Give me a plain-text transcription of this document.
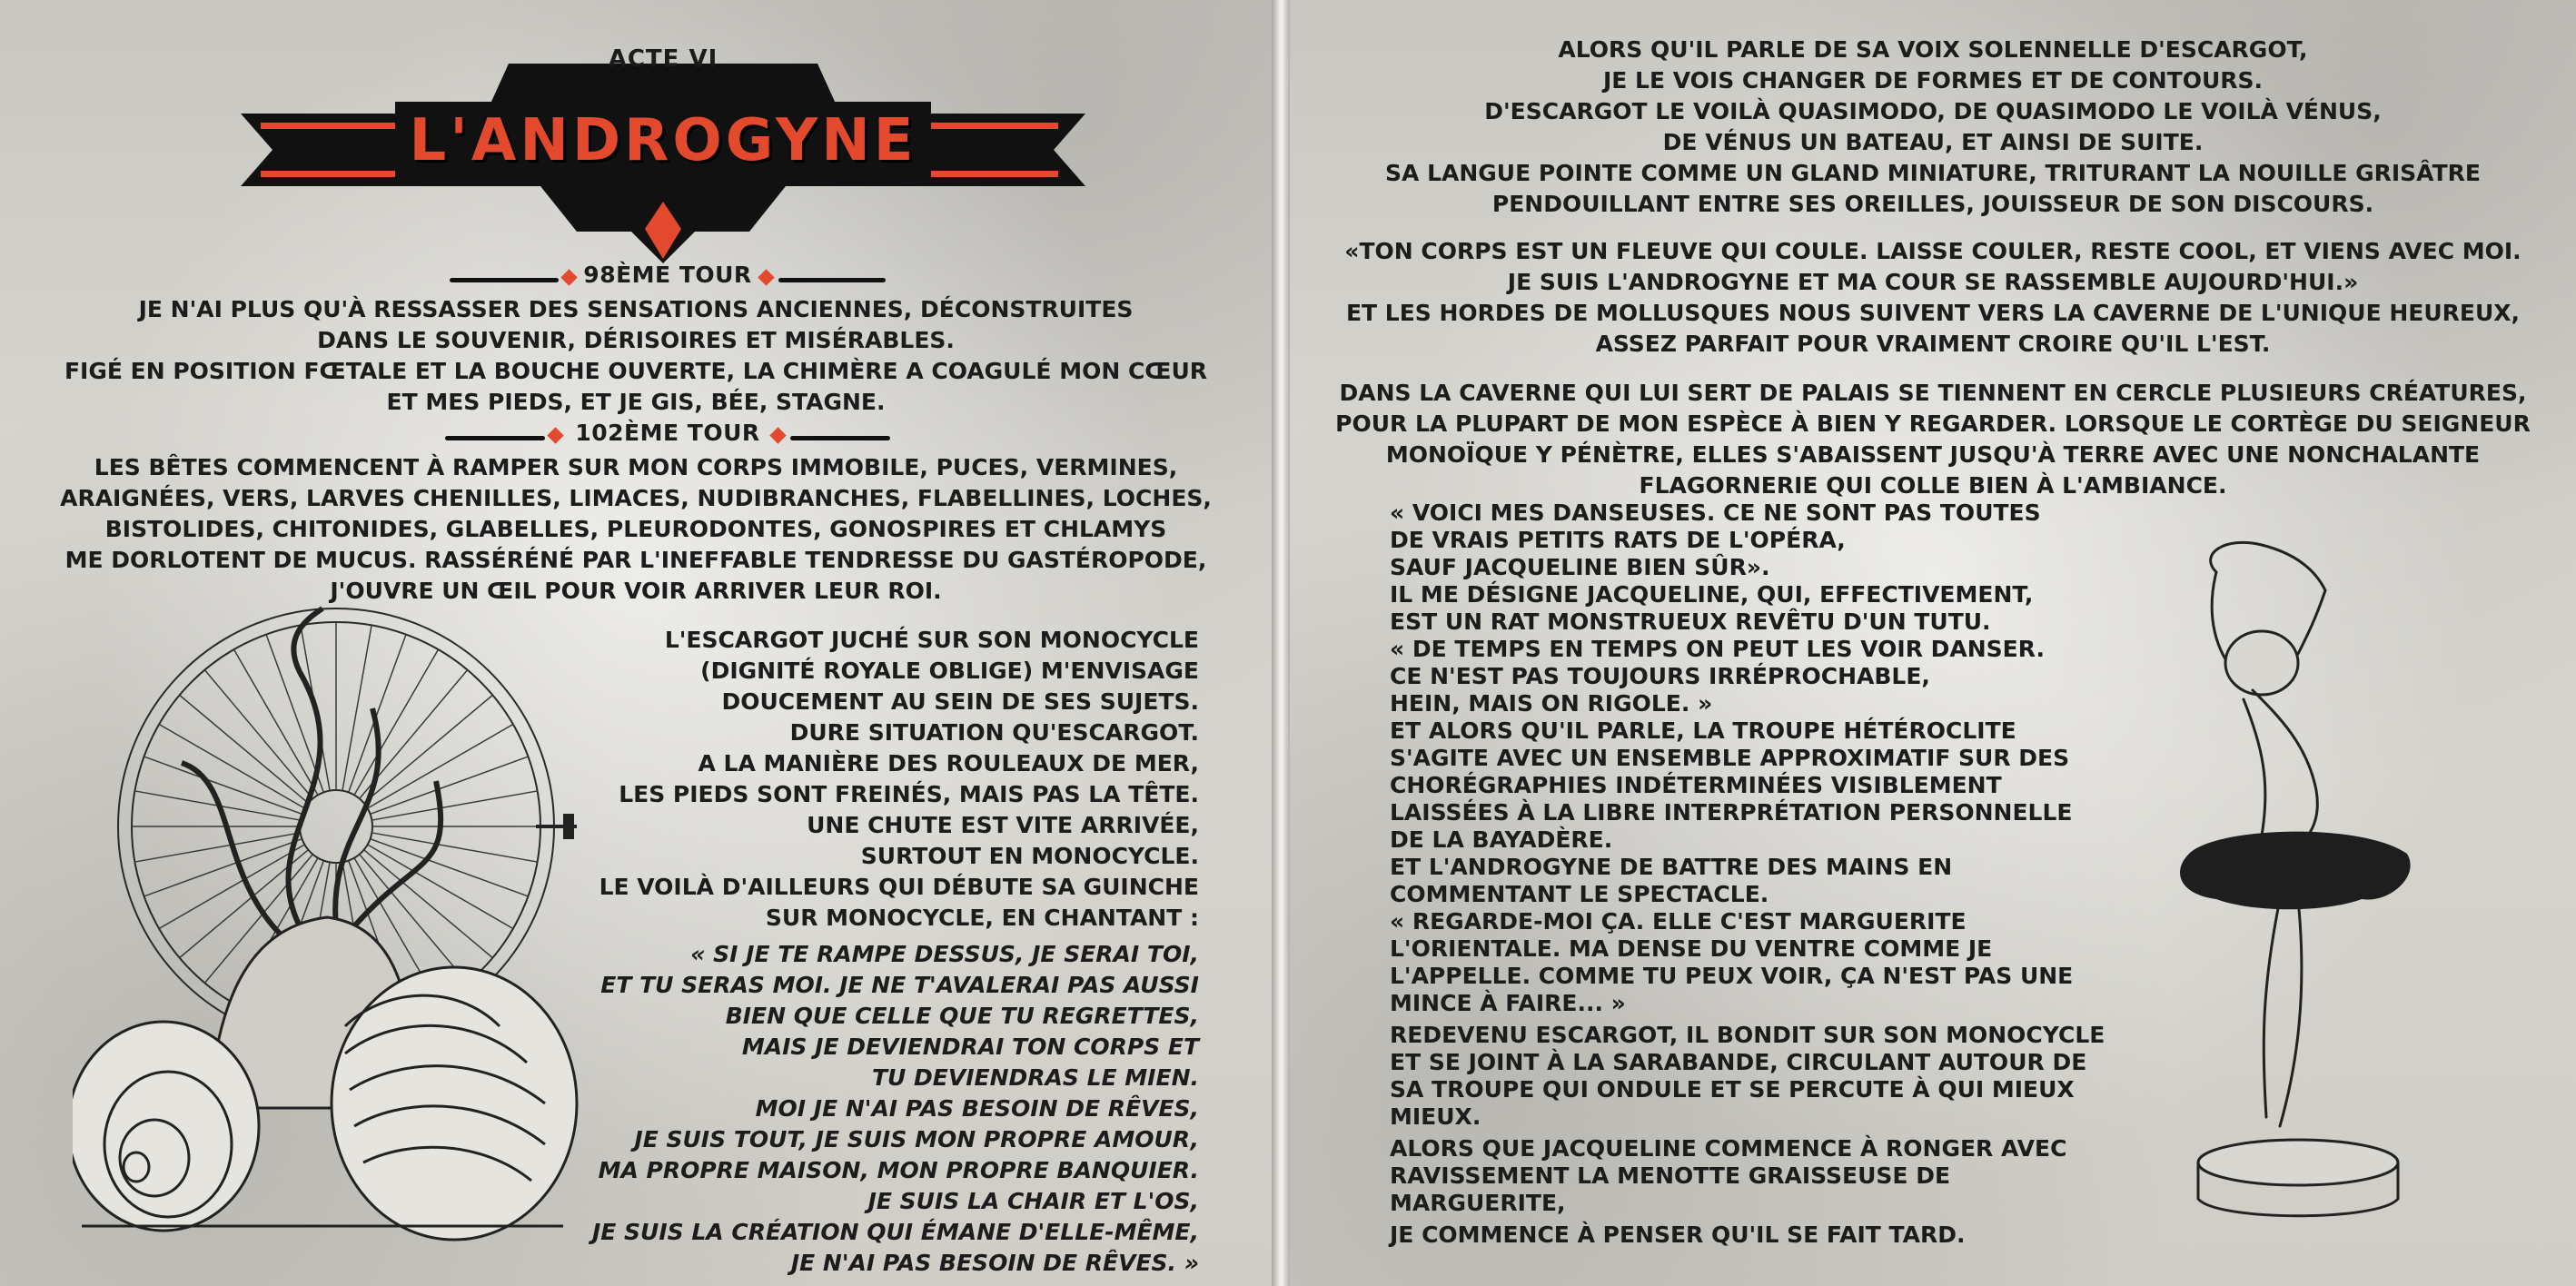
ACTE VI
L'ANDROGYNE
98ÈME TOUR

JE N'AI PLUS QU'À RESSASSER DES SENSATIONS ANCIENNES, DÉCONSTRUITES

DANS LE SOUVENIR, DÉRISOIRES ET MISÉRABLES.

FIGÉ EN POSITION FŒTALE ET LA BOUCHE OUVERTE, LA CHIMÈRE A COAGULÉ MON CŒUR

ET MES PIEDS, ET JE GIS, BÉE, STAGNE.

102ÈME TOUR

LES BÊTES COMMENCENT À RAMPER SUR MON CORPS IMMOBILE, PUCES, VERMINES,

ARAIGNÉES, VERS, LARVES CHENILLES, LIMACES, NUDIBRANCHES, FLABELLINES, LOCHES,

BISTOLIDES, CHITONIDES, GLABELLES, PLEURODONTES, GONOSPIRES ET CHLAMYS

ME DORLOTENT DE MUCUS. RASSÉRÉNÉ PAR L'INEFFABLE TENDRESSE DU GASTÉROPODE,

J'OUVRE UN ŒIL POUR VOIR ARRIVER LEUR ROI.

L'ESCARGOT JUCHÉ SUR SON MONOCYCLE

(DIGNITÉ ROYALE OBLIGE) M'ENVISAGE

DOUCEMENT AU SEIN DE SES SUJETS.

DURE SITUATION QU'ESCARGOT.

A LA MANIÈRE DES ROULEAUX DE MER,

LES PIEDS SONT FREINÉS, MAIS PAS LA TÊTE.

UNE CHUTE EST VITE ARRIVÉE,

SURTOUT EN MONOCYCLE.

LE VOILÀ D'AILLEURS QUI DÉBUTE SA GUINCHE

SUR MONOCYCLE, EN CHANTANT :

« SI JE TE RAMPE DESSUS, JE SERAI TOI,

ET TU SERAS MOI. JE NE T'AVALERAI PAS AUSSI

BIEN QUE CELLE QUE TU REGRETTES,

MAIS JE DEVIENDRAI TON CORPS ET

TU DEVIENDRAS LE MIEN.

MOI JE N'AI PAS BESOIN DE RÊVES,

JE SUIS TOUT, JE SUIS MON PROPRE AMOUR,

MA PROPRE MAISON, MON PROPRE BANQUIER.

JE SUIS LA CHAIR ET L'OS,

JE SUIS LA CRÉATION QUI ÉMANE D'ELLE-MÊME,

JE N'AI PAS BESOIN DE RÊVES. »

ALORS QU'IL PARLE DE SA VOIX SOLENNELLE D'ESCARGOT,

JE LE VOIS CHANGER DE FORMES ET DE CONTOURS.

D'ESCARGOT LE VOILÀ QUASIMODO, DE QUASIMODO LE VOILÀ VÉNUS,

DE VÉNUS UN BATEAU, ET AINSI DE SUITE.

SA LANGUE POINTE COMME UN GLAND MINIATURE, TRITURANT LA NOUILLE GRISÂTRE

PENDOUILLANT ENTRE SES OREILLES, JOUISSEUR DE SON DISCOURS.

«TON CORPS EST UN FLEUVE QUI COULE. LAISSE COULER, RESTE COOL, ET VIENS AVEC MOI.

JE SUIS L'ANDROGYNE ET MA COUR SE RASSEMBLE AUJOURD'HUI.»

ET LES HORDES DE MOLLUSQUES NOUS SUIVENT VERS LA CAVERNE DE L'UNIQUE HEUREUX,

ASSEZ PARFAIT POUR VRAIMENT CROIRE QU'IL L'EST.

DANS LA CAVERNE QUI LUI SERT DE PALAIS SE TIENNENT EN CERCLE PLUSIEURS CRÉATURES,

POUR LA PLUPART DE MON ESPÈCE À BIEN Y REGARDER. LORSQUE LE CORTÈGE DU SEIGNEUR

MONOÏQUE Y PÉNÈTRE, ELLES S'ABAISSENT JUSQU'À TERRE AVEC UNE NONCHALANTE

FLAGORNERIE QUI COLLE BIEN À L'AMBIANCE.

« VOICI MES DANSEUSES. CE NE SONT PAS TOUTES

DE VRAIS PETITS RATS DE L'OPÉRA,

SAUF JACQUELINE BIEN SÛR».

IL ME DÉSIGNE JACQUELINE, QUI, EFFECTIVEMENT,

EST UN RAT MONSTRUEUX REVÊTU D'UN TUTU.

« DE TEMPS EN TEMPS ON PEUT LES VOIR DANSER.

CE N'EST PAS TOUJOURS IRRÉPROCHABLE,

HEIN, MAIS ON RIGOLE. »

ET ALORS QU'IL PARLE, LA TROUPE HÉTÉROCLITE

S'AGITE AVEC UN ENSEMBLE APPROXIMATIF SUR DES

CHORÉGRAPHIES INDÉTERMINÉES VISIBLEMENT

LAISSÉES À LA LIBRE INTERPRÉTATION PERSONNELLE

DE LA BAYADÈRE.

ET L'ANDROGYNE DE BATTRE DES MAINS EN

COMMENTANT LE SPECTACLE.

« REGARDE-MOI ÇA. ELLE C'EST MARGUERITE

L'ORIENTALE. MA DENSE DU VENTRE COMME JE

L'APPELLE. COMME TU PEUX VOIR, ÇA N'EST PAS UNE

MINCE À FAIRE... »

REDEVENU ESCARGOT, IL BONDIT SUR SON MONOCYCLE

ET SE JOINT À LA SARABANDE, CIRCULANT AUTOUR DE

SA TROUPE QUI ONDULE ET SE PERCUTE À QUI MIEUX

MIEUX.

ALORS QUE JACQUELINE COMMENCE À RONGER AVEC

RAVISSEMENT LA MENOTTE GRAISSEUSE DE

MARGUERITE,

JE COMMENCE À PENSER QU'IL SE FAIT TARD.
